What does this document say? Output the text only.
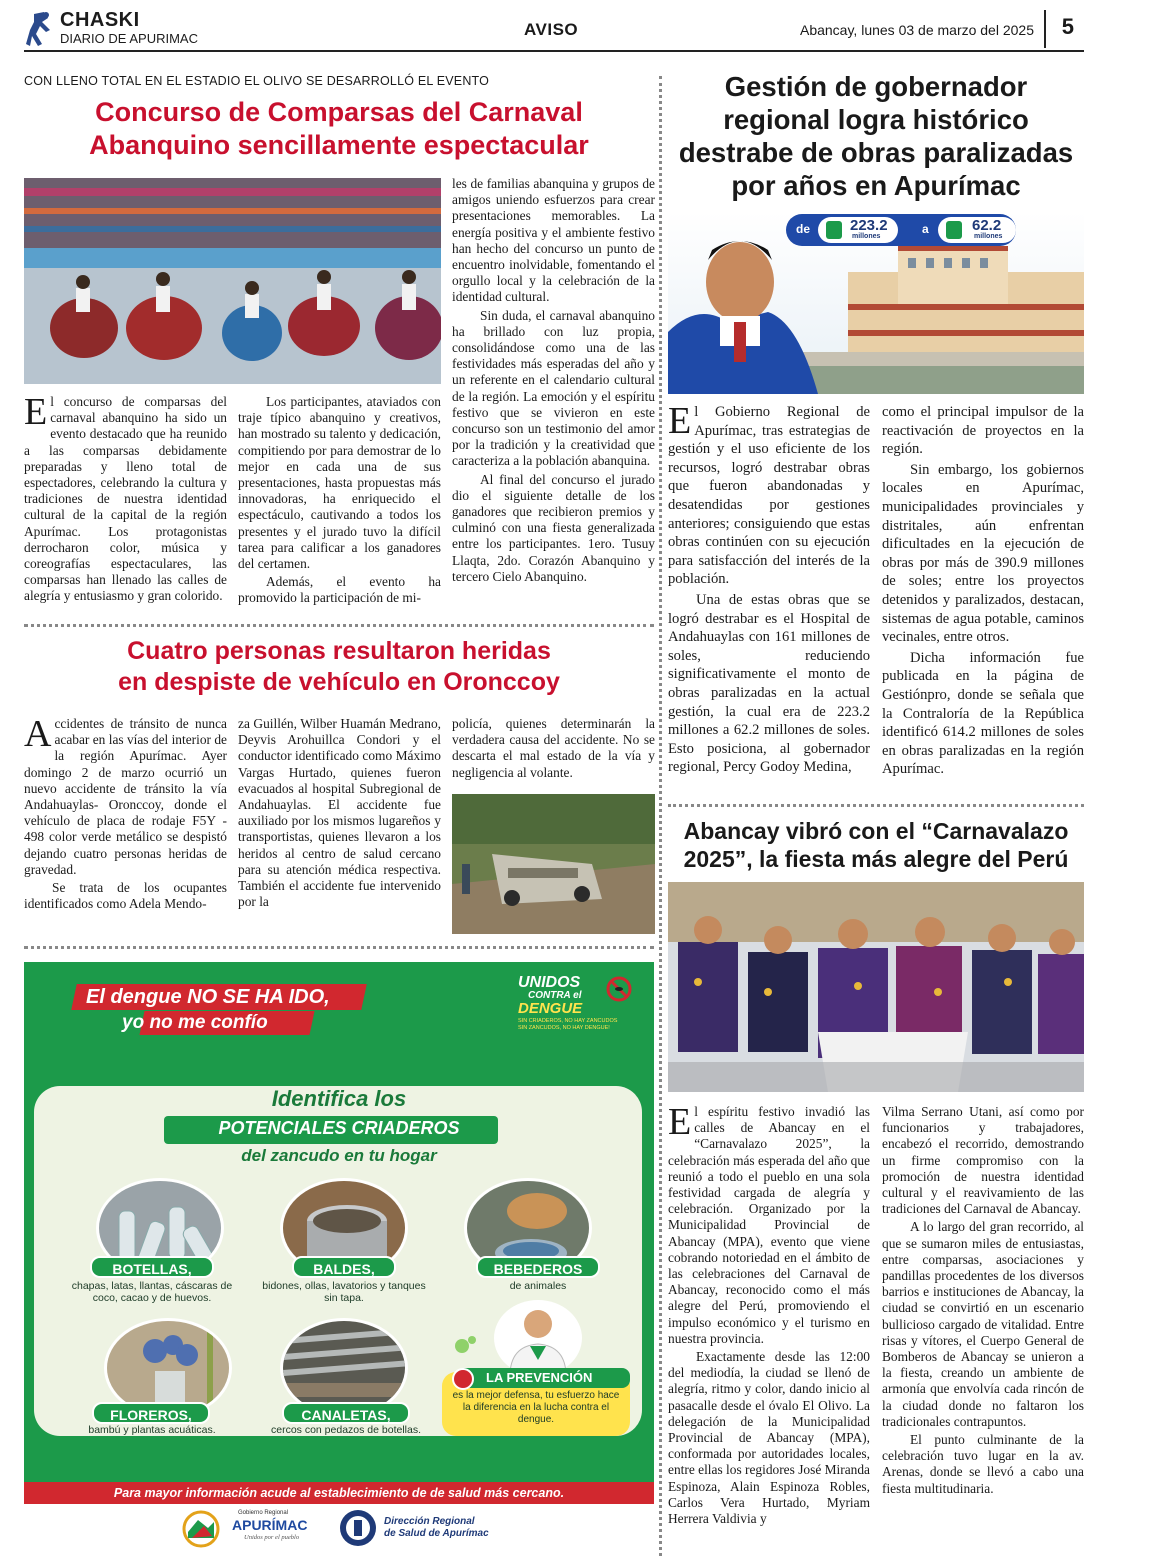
CHASKI
DIARIO DE APURIMAC	AVISO	Abancay, lunes 03 de marzo del 2025 5
CON LLENO TOTAL EN EL ESTADIO EL OLIVO SE DESARROLLÓ EL EVENTO
Concurso de Comparsas del Carnaval
Abanquino sencillamente espectacular

El concurso de comparsas del carnaval abanquino ha sido un evento destacado que ha reunido a las comparsas debidamente preparadas y lleno total de espectadores, celebrando la cultura y tradiciones de nuestra identidad cultural de la capital de la región Apurímac. Los protagonistas derrocharon color, música y coreografías espectaculares, las comparsas han llenado las calles de alegría y entusiasmo y gran colorido.

Los participantes, ataviados con traje típico abanquino y creativos, han mostrado su talento y dedicación, compitiendo por para demostrar de lo mejor en cada una de sus presentaciones, hasta propuestas más innovadoras, ha enriquecido el espectáculo, cautivando a todos los presentes y el jurado tuvo la difícil tarea para calificar a los ganadores del certamen.

Además, el evento ha promovido la participación de mi-

les de familias abanquina y grupos de amigos uniendo esfuerzos para crear presentaciones memorables. La energía positiva y el ambiente festivo han hecho del concurso un punto de encuentro inolvidable, fomentando el orgullo local y la celebración de la identidad cultural.

Sin duda, el carnaval abanquino ha brillado con luz propia, consolidándose como una de las festividades más esperadas del año y un referente en el calendario cultural de la región. La emoción y el espíritu festivo que se vivieron en este concurso son un testimonio del amor por la tradición y la creatividad que caracteriza a la población abanquina.

Al final del concurso el jurado dio el siguiente detalle de los ganadores que recibieron premios y culminó con una fiesta generalizada entre los participantes. 1ero. Tusuy Llaqta, 2do. Corazón Abanquino y tercero Cielo Abanquino.

Cuatro personas resultaron heridas
en despiste de vehículo en Oronccoy

Accidentes de tránsito de nunca acabar en las vías del interior de la región Apurímac. Ayer domingo 2 de marzo ocurrió un nuevo accidente de tránsito la vía Andahuaylas- Oronccoy, donde el vehículo de placa de rodaje F5Y - 498 color verde metálico se despistó dejando cuatro personas heridas de gravedad.

Se trata de los ocupantes identificados como Adela Mendo-

za Guillén, Wilber Huamán Medrano, Deyvis Arohuillca Condori y el conductor identificado como Máximo Vargas Hurtado, quienes fueron evacuados al hospital Subregional de Andahuaylas. El accidente fue auxiliado por los mismos lugareños y transportistas, quienes llevaron a los heridos al centro de salud cercano para su atención médica respectiva. También el accidente fue intervenido por la

policía, quienes determinarán la verdadera causa del accidente. No se descarta el mal estado de la vía y negligencia al volante.

El dengue NO SE HA IDO,
yo no me confío
UNIDOS
CONTRA el
DENGUE
SIN CRIADEROS, NO HAY ZANCUDOS SIN ZANCUDOS, NO HAY DENGUE!
Identifica los
POTENCIALES CRIADEROS
del zancudo en tu hogar
BOTELLAS,
chapas, latas, llantas, cáscaras de coco, cacao y de huevos.
BALDES,
bidones, ollas, lavatorios y tanques sin tapa.
BEBEDEROS
de animales
FLOREROS,
bambú y plantas acuáticas.
CANALETAS,
cercos con pedazos de botellas.
LA PREVENCIÓN
es la mejor defensa, tu esfuerzo hace la diferencia en la lucha contra el dengue.
Para mayor información acude al establecimiento de de salud más cercano.
Gobierno Regional
APURÍMAC
Unidos por el pueblo
Dirección Regional
de Salud de Apurímac
Gestión de gobernador
regional logra histórico
destrabe de obras paralizadas
por años en Apurímac
de	223.2
millones
a	62.2
millones

El Gobierno Regional de Apurímac, tras estrategias de gestión y el uso eficiente de los recursos, logró destrabar obras que fueron abandonadas y desatendidas por gestiones anteriores; consiguiendo que estas obras continúen con su ejecución para satisfacción del interés de la población.

Una de estas obras que se logró destrabar es el Hospital de Andahuaylas con 161 millones de soles, reduciendo significativamente el monto de obras paralizadas en la actual gestión, la cual era de 223.2 millones a 62.2 millones de soles. Esto posiciona, al gobernador regional, Percy Godoy Medina,

como el principal impulsor de la reactivación de proyectos en la región.

Sin embargo, los gobiernos locales en Apurímac, municipalidades provinciales y distritales, aún enfrentan dificultades en la ejecución de obras por más de 390.9 millones de soles; entre los proyectos detenidos y paralizados, destacan, sistemas de agua potable, caminos vecinales, entre otros.

Dicha información fue publicada en la página de Gestiónpro, donde se señala que la Contraloría de la República identificó 614.2 millones de soles en obras paralizadas en la región Apurímac.

Abancay vibró con el “Carnavalazo
2025”, la fiesta más alegre del Perú

El espíritu festivo invadió las calles de Abancay en el “Carnavalazo 2025”, la celebración más esperada del año que reunió a todo el pueblo en una sola festividad cargada de alegría y celebración. Organizado por la Municipalidad Provincial de Abancay (MPA), evento que viene cobrando notoriedad en el ámbito de las celebraciones del Carnaval de Abancay, reconocido como el más alegre del Perú, promoviendo el impulso económico y el turismo en nuestra provincia.

Exactamente desde las 12:00 del mediodía, la ciudad se llenó de alegría, ritmo y color, dando inicio al pasacalle desde el óvalo El Olivo. La delegación de la Municipalidad Provincial de Abancay (MPA), conformada por autoridades locales, entre ellas los regidores José Miranda Espinoza, Alain Espinoza Robles, Carlos Vera Hurtado, Myriam Herrera Valdivia y

Vilma Serrano Utani, así como por funcionarios y trabajadores, encabezó el recorrido, demostrando un firme compromiso con la promoción de nuestra identidad cultural y el reavivamiento de las tradiciones del Carnaval de Abancay.

A lo largo del gran recorrido, al que se sumaron miles de entusiastas, entre comparsas, asociaciones y pandillas procedentes de los diversos barrios e instituciones de Abancay, la ciudad se convirtió en un escenario bullicioso cargado de vitalidad. Entre risas y vítores, el Cuerpo General de Bomberos de Abancay se unieron a la fiesta, creando un ambiente de armonía que envolvía cada rincón de la ciudad donde no faltaron los tradicionales contrapuntos.

El punto culminante de la celebración tuvo lugar en la av. Arenas, donde se llevó a cabo una fiesta multitudinaria.
